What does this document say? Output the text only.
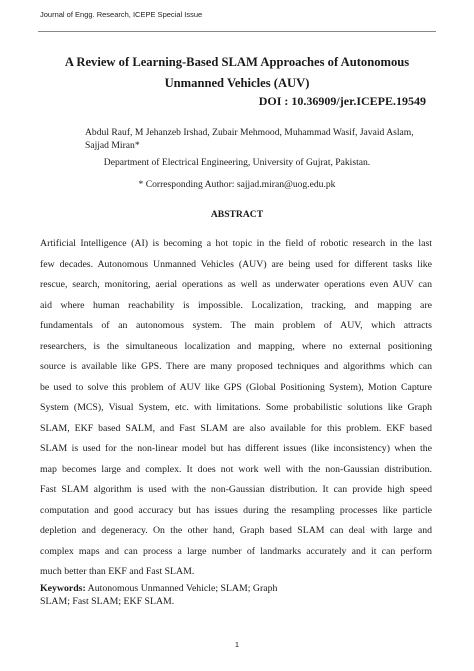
Journal of Engg. Research, ICEPE Special Issue
A Review of Learning-Based SLAM Approaches of Autonomous
Unmanned Vehicles (AUV)
DOI : 10.36909/jer.ICEPE.19549
Abdul Rauf, M Jehanzeb Irshad, Zubair Mehmood, Muhammad Wasif, Javaid Aslam,
Sajjad Miran*
Department of Electrical Engineering, University of Gujrat, Pakistan.
* Corresponding Author: sajjad.miran@uog.edu.pk
ABSTRACT
Artificial Intelligence (AI) is becoming a hot topic in the field of robotic research in the last
few decades. Autonomous Unmanned Vehicles (AUV) are being used for different tasks like
rescue, search, monitoring, aerial operations as well as underwater operations even AUV can
aid where human reachability is impossible. Localization, tracking, and mapping are
fundamentals of an autonomous system. The main problem of AUV, which attracts
researchers, is the simultaneous localization and mapping, where no external positioning
source is available like GPS. There are many proposed techniques and algorithms which can
be used to solve this problem of AUV like GPS (Global Positioning System), Motion Capture
System (MCS), Visual System, etc. with limitations. Some probabilistic solutions like Graph
SLAM, EKF based SALM, and Fast SLAM are also available for this problem. EKF based
SLAM is used for the non-linear model but has different issues (like inconsistency) when the
map becomes large and complex. It does not work well with the non-Gaussian distribution.
Fast SLAM algorithm is used with the non-Gaussian distribution. It can provide high speed
computation and good accuracy but has issues during the resampling processes like particle
depletion and degeneracy. On the other hand, Graph based SLAM can deal with large and
complex maps and can process a large number of landmarks accurately and it can perform
much better than EKF and Fast SLAM.
Keywords: Autonomous Unmanned Vehicle; SLAM; Graph SLAM; Fast SLAM; EKF SLAM.
1
